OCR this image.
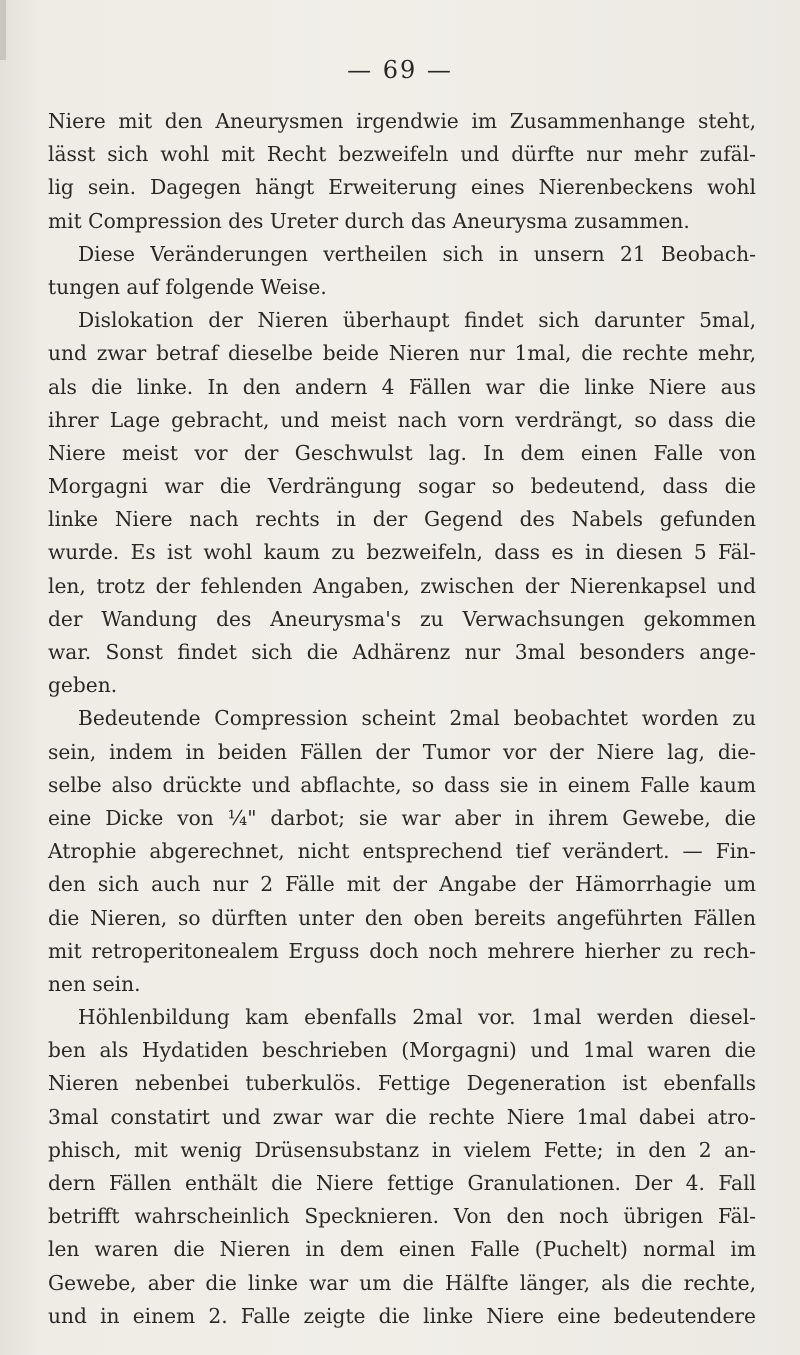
— 69 —
Niere mit den Aneurysmen irgendwie im Zusammenhange steht,
lässt sich wohl mit Recht bezweifeln und dürfte nur mehr zufäl-
lig sein. Dagegen hängt Erweiterung eines Nierenbeckens wohl
mit Compression des Ureter durch das Aneurysma zusammen.
Diese Veränderungen vertheilen sich in unsern 21 Beobach-
tungen auf folgende Weise.
Dislokation der Nieren überhaupt findet sich darunter 5mal,
und zwar betraf dieselbe beide Nieren nur 1mal, die rechte mehr,
als die linke. In den andern 4 Fällen war die linke Niere aus
ihrer Lage gebracht, und meist nach vorn verdrängt, so dass die
Niere meist vor der Geschwulst lag. In dem einen Falle von
Morgagni war die Verdrängung sogar so bedeutend, dass die
linke Niere nach rechts in der Gegend des Nabels gefunden
wurde. Es ist wohl kaum zu bezweifeln, dass es in diesen 5 Fäl-
len, trotz der fehlenden Angaben, zwischen der Nierenkapsel und
der Wandung des Aneurysma's zu Verwachsungen gekommen
war. Sonst findet sich die Adhärenz nur 3mal besonders ange-
geben.
Bedeutende Compression scheint 2mal beobachtet worden zu
sein, indem in beiden Fällen der Tumor vor der Niere lag, die-
selbe also drückte und abflachte, so dass sie in einem Falle kaum
eine Dicke von ¼" darbot; sie war aber in ihrem Gewebe, die
Atrophie abgerechnet, nicht entsprechend tief verändert. — Fin-
den sich auch nur 2 Fälle mit der Angabe der Hämorrhagie um
die Nieren, so dürften unter den oben bereits angeführten Fällen
mit retroperitonealem Erguss doch noch mehrere hierher zu rech-
nen sein.
Höhlenbildung kam ebenfalls 2mal vor. 1mal werden diesel-
ben als Hydatiden beschrieben (Morgagni) und 1mal waren die
Nieren nebenbei tuberkulös. Fettige Degeneration ist ebenfalls
3mal constatirt und zwar war die rechte Niere 1mal dabei atro-
phisch, mit wenig Drüsensubstanz in vielem Fette; in den 2 an-
dern Fällen enthält die Niere fettige Granulationen. Der 4. Fall
betrifft wahrscheinlich Specknieren. Von den noch übrigen Fäl-
len waren die Nieren in dem einen Falle (Puchelt) normal im
Gewebe, aber die linke war um die Hälfte länger, als die rechte,
und in einem 2. Falle zeigte die linke Niere eine bedeutendere
